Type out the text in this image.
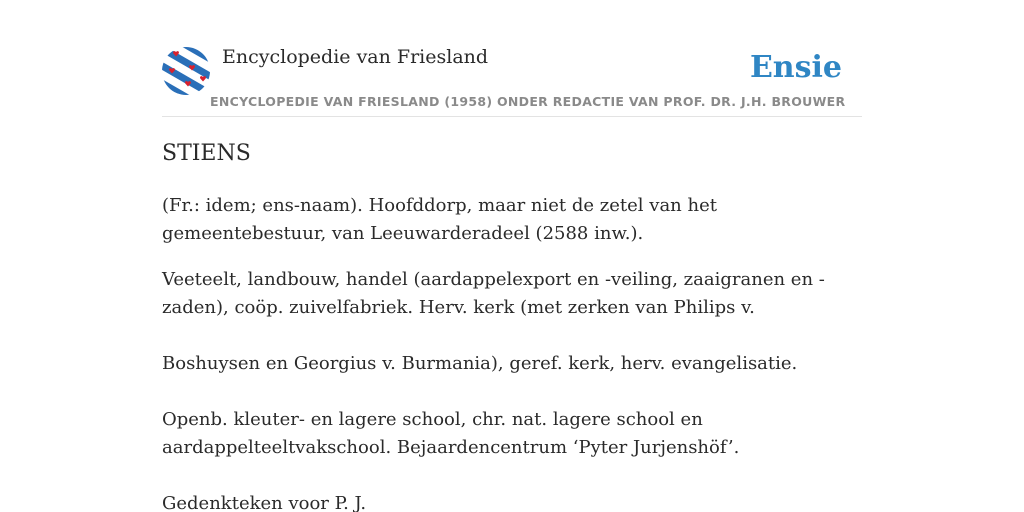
Encyclopedie van Friesland
ENCYCLOPEDIE VAN FRIESLAND (1958) ONDER REDACTIE VAN PROF. DR. J.H. BROUWER
Ensie
STIENS

(Fr.: idem; ens-naam). Hoofddorp, maar niet de zetel van het gemeentebestuur, van Leeuwarderadeel (2588 inw.).

Veeteelt, landbouw, handel (aardappelexport en -veiling, zaaigranen en -zaden), coöp. zuivelfabriek. Herv. kerk (met zerken van Philips v.

Boshuysen en Georgius v. Burmania), geref. kerk, herv. evangelisatie.

Openb. kleuter- en lagere school, chr. nat. lagere school en aardappelteeltvakschool. Bejaardencentrum ‘Pyter Jurjenshöf’.

Gedenkteken voor P. J.
